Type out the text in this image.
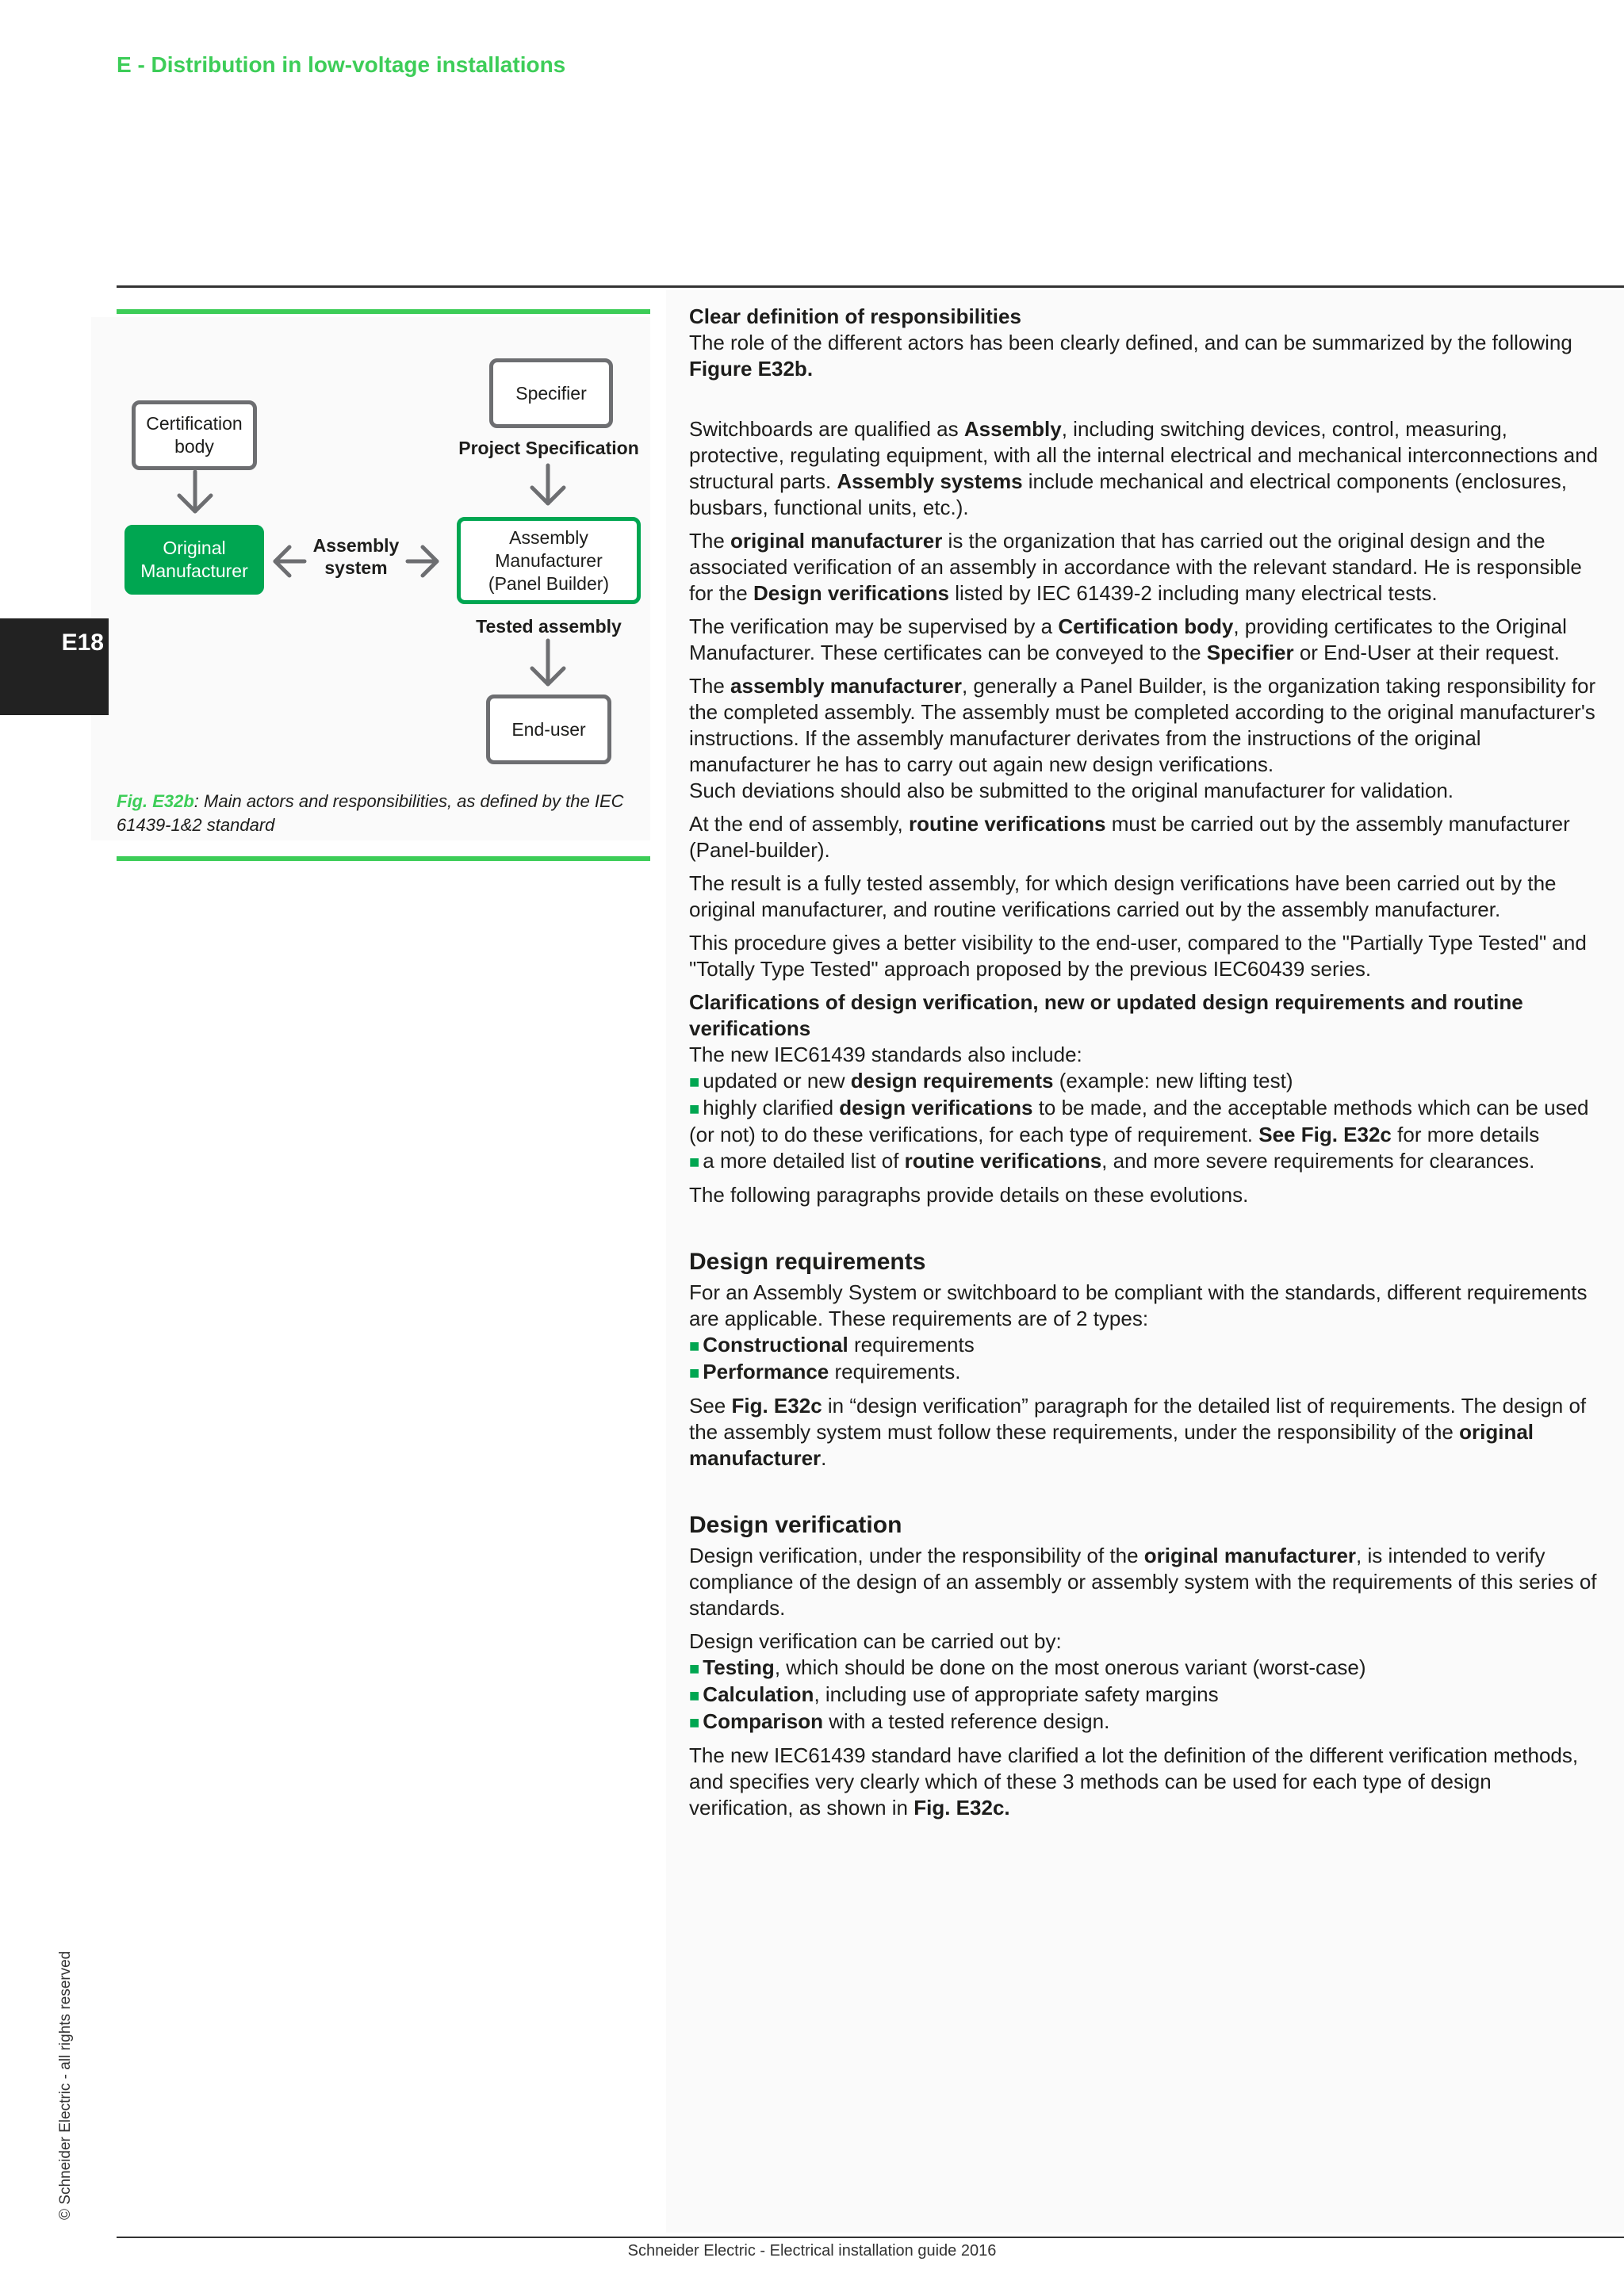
E - Distribution in low-voltage installations
E18
© Schneider Electric - all rights reserved
Specifier
Project Specification
Certification
body
Original
Manufacturer
Assembly
system
Assembly
Manufacturer
(Panel Builder)
Tested assembly
End-user
Fig. E32b: Main actors and responsibilities, as defined by the IEC 61439-1&2 standard
Clear definition of responsibilities

The role of the different actors has been clearly defined, and can be summarized by the following Figure E32b.

Switchboards are qualified as Assembly, including switching devices, control, measuring, protective, regulating equipment, with all the internal electrical and mechanical interconnections and structural parts. Assembly systems include mechanical and electrical components (enclosures, busbars, functional units, etc.).

The original manufacturer is the organization that has carried out the original design and the associated verification of an assembly in accordance with the relevant standard. He is responsible for the Design verifications listed by IEC 61439-2 including many electrical tests.

The verification may be supervised by a Certification body, providing certificates to the Original Manufacturer. These certificates can be conveyed to the Specifier or End-User at their request.

The assembly manufacturer, generally a Panel Builder, is the organization taking responsibility for the completed assembly. The assembly must be completed according to the original manufacturer's instructions. If the assembly manufacturer derivates from the instructions of the original manufacturer he has to carry out again new design verifications.

Such deviations should also be submitted to the original manufacturer for validation.

At the end of assembly, routine verifications must be carried out by the assembly manufacturer (Panel-builder).

The result is a fully tested assembly, for which design verifications have been carried out by the original manufacturer, and routine verifications carried out by the assembly manufacturer.

This procedure gives a better visibility to the end-user, compared to the "Partially Type Tested" and "Totally Type Tested" approach proposed by the previous IEC60439 series.

Clarifications of design verification, new or updated design requirements and routine verifications

The new IEC61439 standards also include:

■ updated or new design requirements (example: new lifting test)
■ highly clarified design verifications to be made, and the acceptable methods which can be used (or not) to do these verifications, for each type of requirement. See Fig. E32c for more details

■ a more detailed list of routine verifications, and more severe requirements for clearances.

The following paragraphs provide details on these evolutions.

Design requirements

For an Assembly System or switchboard to be compliant with the standards, different requirements are applicable. These requirements are of 2 types:

■ Constructional requirements

■ Performance requirements.

See Fig. E32c in “design verification” paragraph for the detailed list of requirements. The design of the assembly system must follow these requirements, under the responsibility of the original manufacturer.

Design verification

Design verification, under the responsibility of the original manufacturer, is intended to verify compliance of the design of an assembly or assembly system with the requirements of this series of standards.

Design verification can be carried out by:

■ Testing, which should be done on the most onerous variant (worst-case)
■ Calculation, including use of appropriate safety margins

■ Comparison with a tested reference design.

The new IEC61439 standard have clarified a lot the definition of the different verification methods, and specifies very clearly which of these 3 methods can be used for each type of design verification, as shown in Fig. E32c.

Schneider Electric - Electrical installation guide 2016
